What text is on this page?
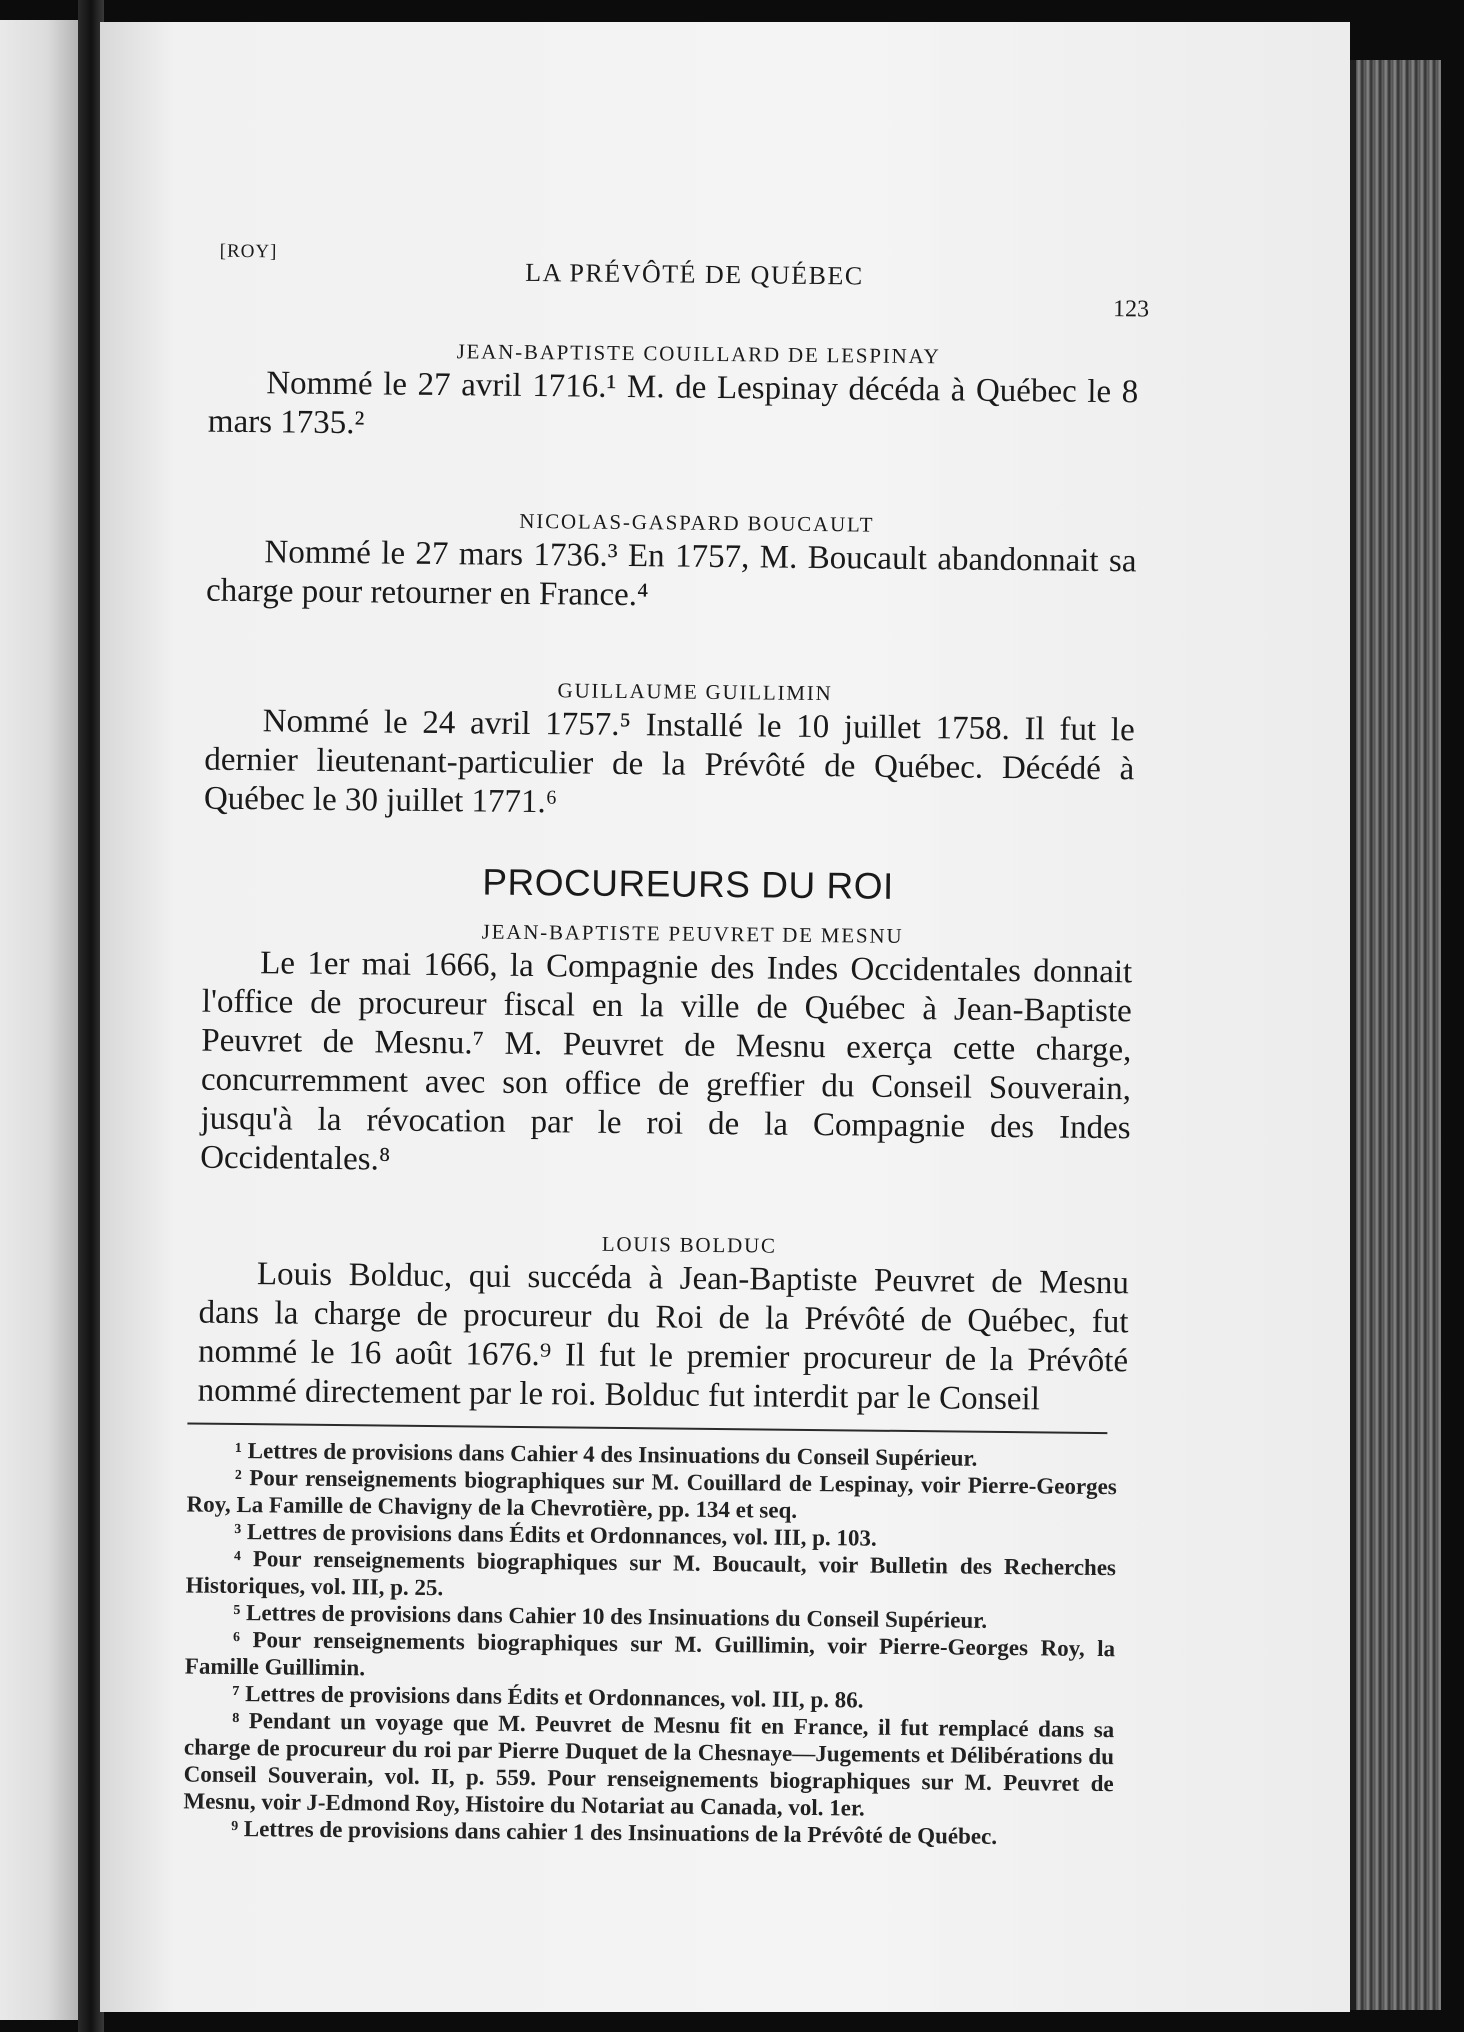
[ROY]
LA PRÉVÔTÉ DE QUÉBEC
123
JEAN-BAPTISTE COUILLARD DE LESPINAY

Nommé le 27 avril 1716.¹ M. de Lespinay décéda à Québec le 8 mars 1735.²

NICOLAS-GASPARD BOUCAULT

Nommé le 27 mars 1736.³ En 1757, M. Boucault abandonnait sa charge pour retourner en France.⁴

GUILLAUME GUILLIMIN

Nommé le 24 avril 1757.⁵ Installé le 10 juillet 1758. Il fut le dernier lieutenant-particulier de la Prévôté de Québec. Décédé à Québec le 30 juillet 1771.⁶

PROCUREURS DU ROI
JEAN-BAPTISTE PEUVRET DE MESNU

Le 1er mai 1666, la Compagnie des Indes Occidentales donnait l'office de procureur fiscal en la ville de Québec à Jean-Baptiste Peuvret de Mesnu.⁷ M. Peuvret de Mesnu exerça cette charge, concurremment avec son office de greffier du Conseil Souverain, jusqu'à la révocation par le roi de la Compagnie des Indes Occidentales.⁸

LOUIS BOLDUC

Louis Bolduc, qui succéda à Jean-Baptiste Peuvret de Mesnu dans la charge de procureur du Roi de la Prévôté de Québec, fut nommé le 16 août 1676.⁹ Il fut le premier procureur de la Prévôté nommé directement par le roi. Bolduc fut interdit par le Conseil

¹ Lettres de provisions dans Cahier 4 des Insinuations du Conseil Supérieur.

² Pour renseignements biographiques sur M. Couillard de Lespinay, voir Pierre-Georges Roy, La Famille de Chavigny de la Chevrotière, pp. 134 et seq.

³ Lettres de provisions dans Édits et Ordonnances, vol. III, p. 103.

⁴ Pour renseignements biographiques sur M. Boucault, voir Bulletin des Recherches Historiques, vol. III, p. 25.

⁵ Lettres de provisions dans Cahier 10 des Insinuations du Conseil Supérieur.

⁶ Pour renseignements biographiques sur M. Guillimin, voir Pierre-Georges Roy, la Famille Guillimin.

⁷ Lettres de provisions dans Édits et Ordonnances, vol. III, p. 86.

⁸ Pendant un voyage que M. Peuvret de Mesnu fit en France, il fut remplacé dans sa charge de procureur du roi par Pierre Duquet de la Chesnaye—Jugements et Délibérations du Conseil Souverain, vol. II, p. 559. Pour renseignements biographiques sur M. Peuvret de Mesnu, voir J-Edmond Roy, Histoire du Notariat au Canada, vol. 1er.

⁹ Lettres de provisions dans cahier 1 des Insinuations de la Prévôté de Québec.
